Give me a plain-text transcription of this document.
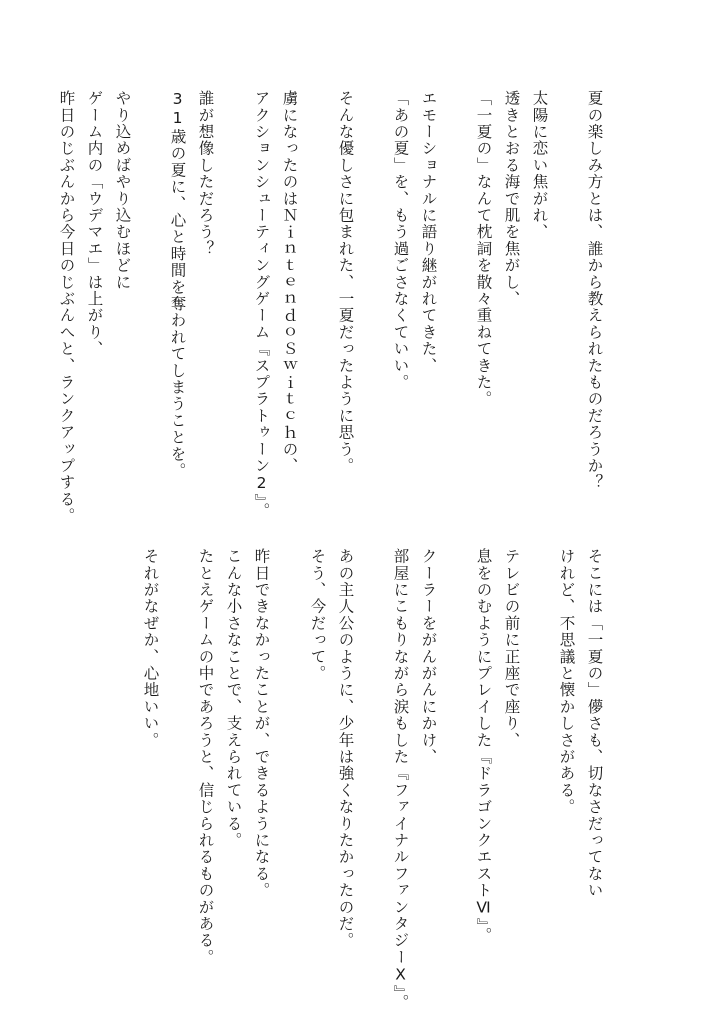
夏の楽しみ方とは、誰から教えられたものだろうか？

太陽に恋い焦がれ、

透きとおる海で肌を焦がし、

「一夏の」なんて枕詞を散々重ねてきた。

エモーショナルに語り継がれてきた、

「あの夏」を、もう過ごさなくていい。

そんな優しさに包まれた、一夏だったように思う。

虜になったのはＮｉｎｔｅｎｄｏＳｗｉｔｃｈの、

アクションシューティングゲーム『スプラトゥーン2』。

誰が想像しただろう？

31歳の夏に、心と時間を奪われてしまうことを。

やり込めばやり込むほどに

ゲーム内の「ウデマエ」は上がり、

昨日のじぶんから今日のじぶんへと、ランクアップする。

そこには「一夏の」儚さも、切なさだってない

けれど、不思議と懐かしさがある。

テレビの前に正座で座り、

息をのむようにプレイした『ドラゴンクエストⅥ』。

クーラーをがんがんにかけ、

部屋にこもりながら涙もした『ファイナルファンタジーⅩ』。

あの主人公のように、少年は強くなりたかったのだ。

そう、今だって。

昨日できなかったことが、できるようになる。

こんな小さなことで、支えられている。

たとえゲームの中であろうと、信じられるものがある。

それがなぜか、心地いい。
